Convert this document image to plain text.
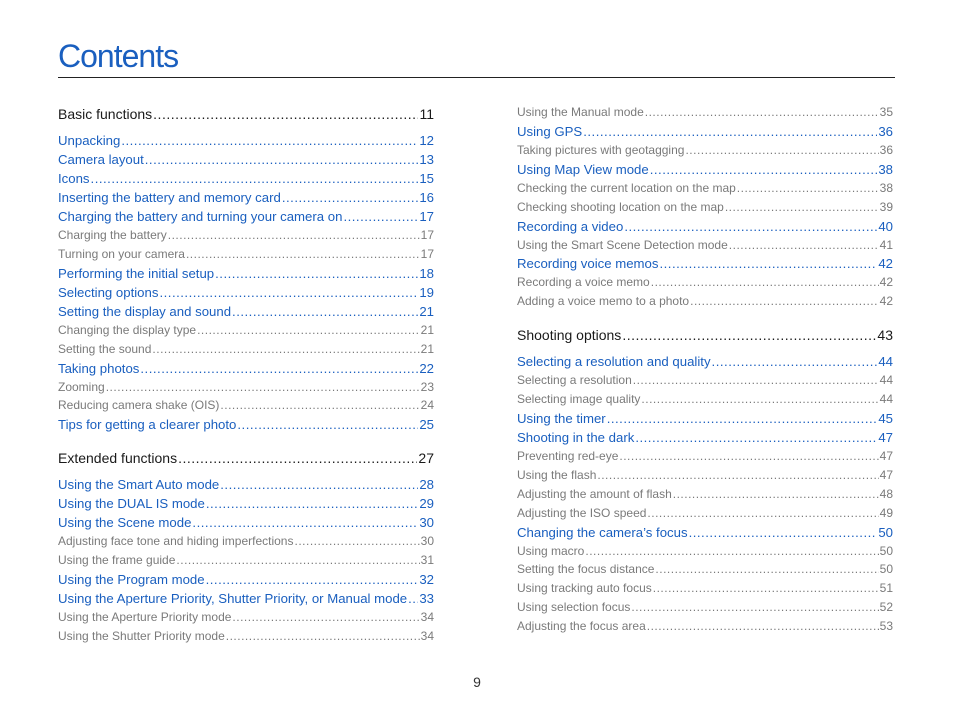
Contents
Basic functions .....	11
Unpacking .....	12
Camera layout .....	13
Icons .....	15
Inserting the battery and memory card .....	16
Charging the battery and turning your camera on .....	17
Charging the battery .....	17
Turning on your camera .....	17
Performing the initial setup .....	18
Selecting options .....	19
Setting the display and sound .....	21
Changing the display type .....	21
Setting the sound .....	21
Taking photos .....	22
Zooming .....	23
Reducing camera shake (OIS) .....	24
Tips for getting a clearer photo .....	25
Extended functions .....	27
Using the Smart Auto mode .....	28
Using the DUAL IS mode .....	29
Using the Scene mode .....	30
Adjusting face tone and hiding imperfections .....	30
Using the frame guide .....	31
Using the Program mode .....	32
Using the Aperture Priority, Shutter Priority, or Manual mode ..... 33
Using the Aperture Priority mode .....	34
Using the Shutter Priority mode .....	34
Using the Manual mode .....	35
Using GPS .....	36
Taking pictures with geotagging .....	36
Using Map View mode .....	38
Checking the current location on the map .....	38
Checking shooting location on the map .....	39
Recording a video .....	40
Using the Smart Scene Detection mode .....	41
Recording voice memos .....	42
Recording a voice memo .....	42
Adding a voice memo to a photo .....	42
Shooting options .....	43
Selecting a resolution and quality .....	44
Selecting a resolution .....	44
Selecting image quality .....	44
Using the timer .....	45
Shooting in the dark .....	47
Preventing red-eye .....	47
Using the flash .....	47
Adjusting the amount of flash .....	48
Adjusting the ISO speed .....	49
Changing the camera’s focus .....	50
Using macro .....	50
Setting the focus distance .....	50
Using tracking auto focus .....	51
Using selection focus .....	52
Adjusting the focus area .....	53
9
